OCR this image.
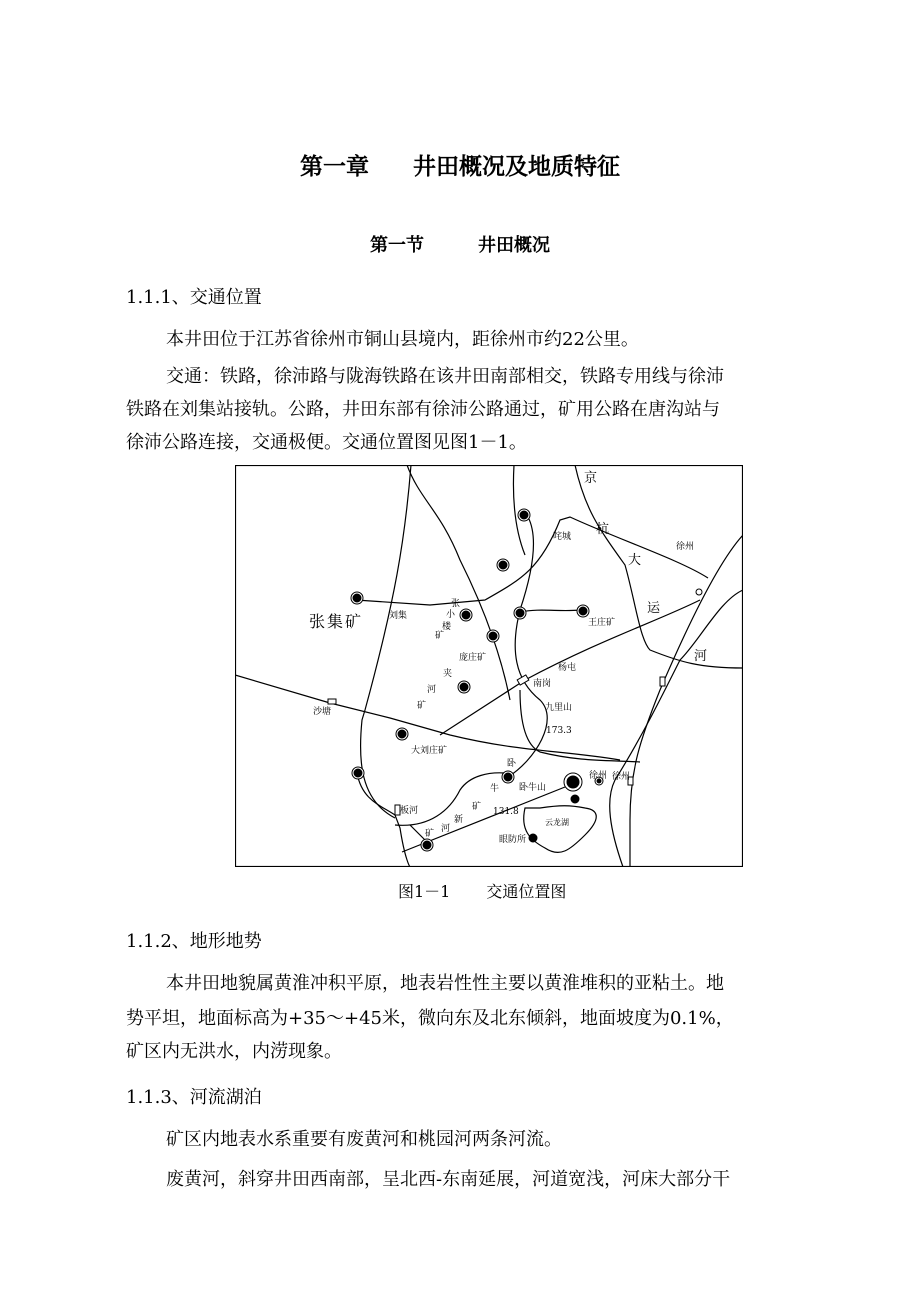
第一章 井田概况及地质特征
第一节	井田概况
1.1.1、交通位置
本井田位于江苏省徐州市铜山县境内，距徐州市约22公里。
交通：铁路，徐沛路与陇海铁路在该井田南部相交，铁路专用线与徐沛
铁路在刘集站接轨。公路，井田东部有徐沛公路通过，矿用公路在唐沟站与
徐沛公路连接，交通极便。交通位置图见图1－1。
京
杭
大
运
河
徐州
咤城
张集矿	刘集
张
小
楼
矿
庞庄矿
王庄矿
杨屯
南岗
夹
河
矿
沙塘	九里山
173.3
大刘庄矿
卧
牛
矿
卧牛山
徐州 徐州
板河	131.8
云龙湖
新
河
矿
眼防所
图1－1 交通位置图
1.1.2、地形地势
本井田地貌属黄淮冲积平原，地表岩性性主要以黄淮堆积的亚粘土。地
势平坦，地面标高为+35～+45米，微向东及北东倾斜，地面坡度为0.1%，
矿区内无洪水，内涝现象。
1.1.3、河流湖泊
矿区内地表水系重要有废黄河和桃园河两条河流。
废黄河，斜穿井田西南部，呈北西-东南延展，河道宽浅，河床大部分干
